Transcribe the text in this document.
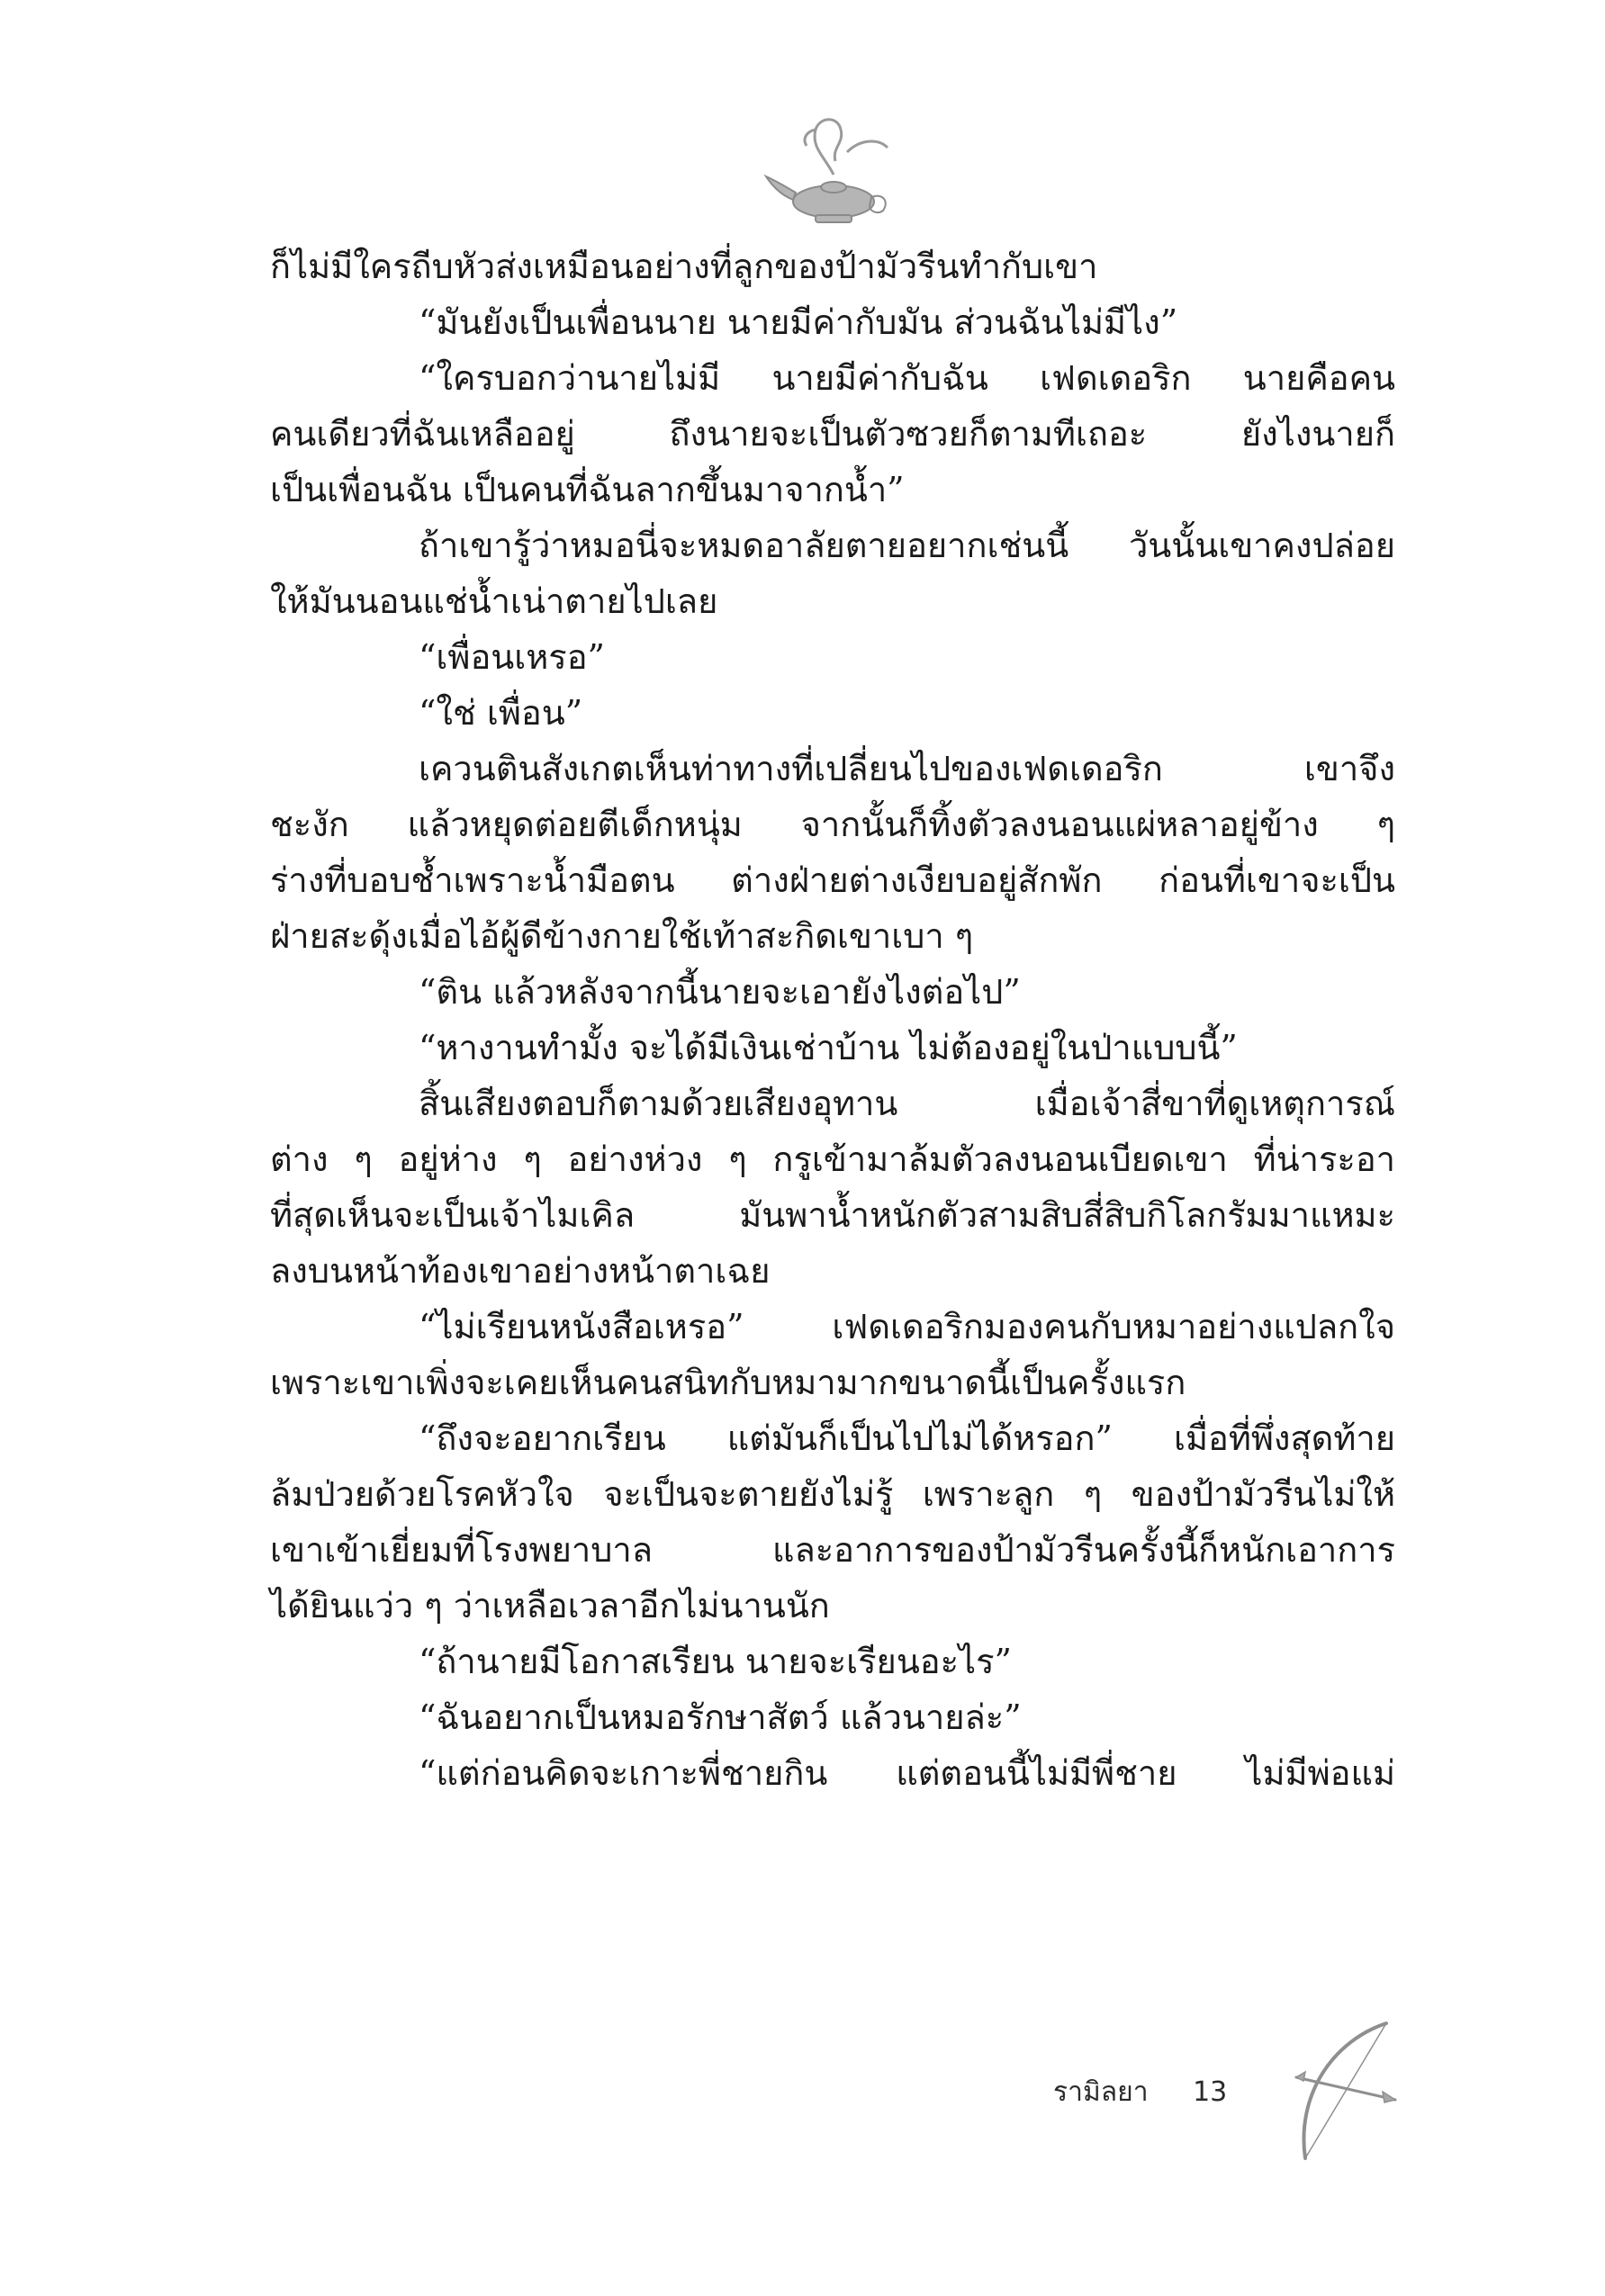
ก็ไม่มีใครถีบหัวส่งเหมือนอย่างที่ลูกของป้ามัวรีนทำกับเขา
“มันยังเป็นเพื่อนนาย นายมีค่ากับมัน ส่วนฉันไม่มีไง”
“ใครบอกว่านายไม่มี นายมีค่ากับฉัน เฟดเดอริก นายคือคน
คนเดียวที่ฉันเหลืออยู่ ถึงนายจะเป็นตัวซวยก็ตามทีเถอะ ยังไงนายก็
เป็นเพื่อนฉัน เป็นคนที่ฉันลากขึ้นมาจากน้ำ”
ถ้าเขารู้ว่าหมอนี่จะหมดอาลัยตายอยากเช่นนี้ วันนั้นเขาคงปล่อย
ให้มันนอนแช่น้ำเน่าตายไปเลย
“เพื่อนเหรอ”
“ใช่ เพื่อน”
เควนตินสังเกตเห็นท่าทางที่เปลี่ยนไปของเฟดเดอริก เขาจึง
ชะงัก แล้วหยุดต่อยตีเด็กหนุ่ม จากนั้นก็ทิ้งตัวลงนอนแผ่หลาอยู่ข้าง ๆ
ร่างที่บอบช้ำเพราะน้ำมือตน ต่างฝ่ายต่างเงียบอยู่สักพัก ก่อนที่เขาจะเป็น
ฝ่ายสะดุ้งเมื่อไอ้ผู้ดีข้างกายใช้เท้าสะกิดเขาเบา ๆ
“ติน แล้วหลังจากนี้นายจะเอายังไงต่อไป”
“หางานทำมั้ง จะได้มีเงินเช่าบ้าน ไม่ต้องอยู่ในป่าแบบนี้”
สิ้นเสียงตอบก็ตามด้วยเสียงอุทาน เมื่อเจ้าสี่ขาที่ดูเหตุการณ์
ต่าง ๆ อยู่ห่าง ๆ อย่างห่วง ๆ กรูเข้ามาล้มตัวลงนอนเบียดเขา ที่น่าระอา
ที่สุดเห็นจะเป็นเจ้าไมเคิล มันพาน้ำหนักตัวสามสิบสี่สิบกิโลกรัมมาแหมะ
ลงบนหน้าท้องเขาอย่างหน้าตาเฉย
“ไม่เรียนหนังสือเหรอ” เฟดเดอริกมองคนกับหมาอย่างแปลกใจ
เพราะเขาเพิ่งจะเคยเห็นคนสนิทกับหมามากขนาดนี้เป็นครั้งแรก
“ถึงจะอยากเรียน แต่มันก็เป็นไปไม่ได้หรอก” เมื่อที่พึ่งสุดท้าย
ล้มป่วยด้วยโรคหัวใจ จะเป็นจะตายยังไม่รู้ เพราะลูก ๆ ของป้ามัวรีนไม่ให้
เขาเข้าเยี่ยมที่โรงพยาบาล และอาการของป้ามัวรีนครั้งนี้ก็หนักเอาการ
ได้ยินแว่ว ๆ ว่าเหลือเวลาอีกไม่นานนัก
“ถ้านายมีโอกาสเรียน นายจะเรียนอะไร”
“ฉันอยากเป็นหมอรักษาสัตว์ แล้วนายล่ะ”
“แต่ก่อนคิดจะเกาะพี่ชายกิน แต่ตอนนี้ไม่มีพี่ชาย ไม่มีพ่อแม่
รามิลยา 13
